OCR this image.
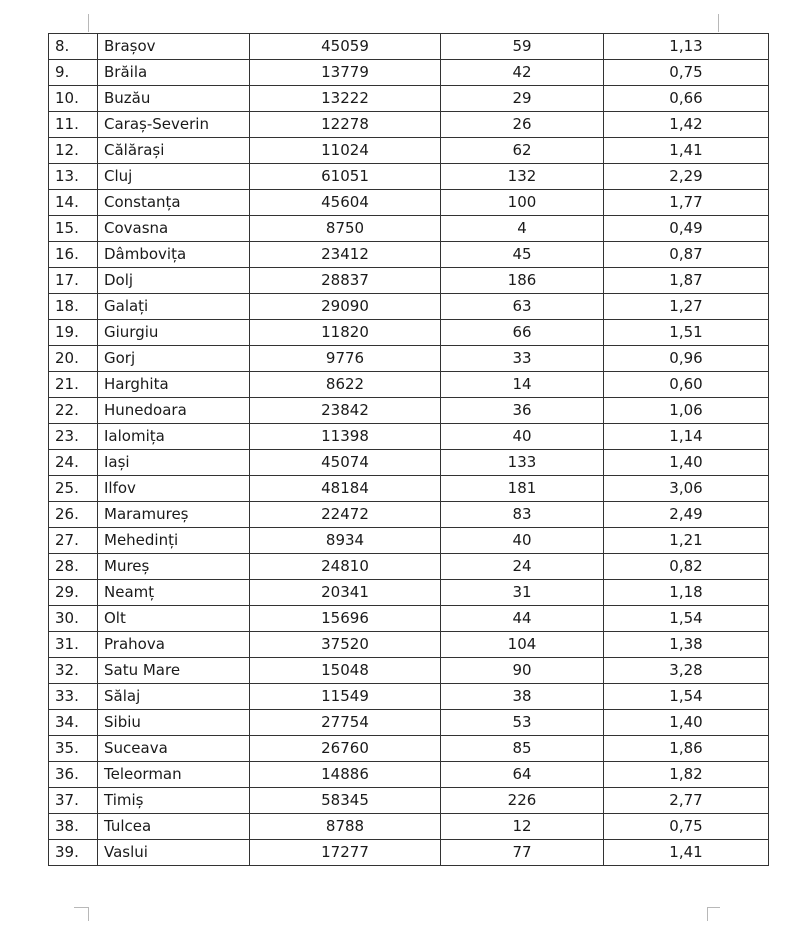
8.	Brașov	45059	59	1,13
9.	Brăila	13779	42	0,75
10.	Buzău	13222	29	0,66
11.	Caraș-Severin	12278	26	1,42
12.	Călărași	11024	62	1,41
13.	Cluj	61051	132	2,29
14.	Constanța	45604	100	1,77
15.	Covasna	8750	4	0,49
16.	Dâmbovița	23412	45	0,87
17.	Dolj	28837	186	1,87
18.	Galați	29090	63	1,27
19.	Giurgiu	11820	66	1,51
20.	Gorj	9776	33	0,96
21.	Harghita	8622	14	0,60
22.	Hunedoara	23842	36	1,06
23.	Ialomița	11398	40	1,14
24.	Iași	45074	133	1,40
25.	Ilfov	48184	181	3,06
26.	Maramureș	22472	83	2,49
27.	Mehedinți	8934	40	1,21
28.	Mureș	24810	24	0,82
29.	Neamț	20341	31	1,18
30.	Olt	15696	44	1,54
31.	Prahova	37520	104	1,38
32.	Satu Mare	15048	90	3,28
33.	Sălaj	11549	38	1,54
34.	Sibiu	27754	53	1,40
35.	Suceava	26760	85	1,86
36.	Teleorman	14886	64	1,82
37.	Timiș	58345	226	2,77
38.	Tulcea	8788	12	0,75
39.	Vaslui	17277	77	1,41
